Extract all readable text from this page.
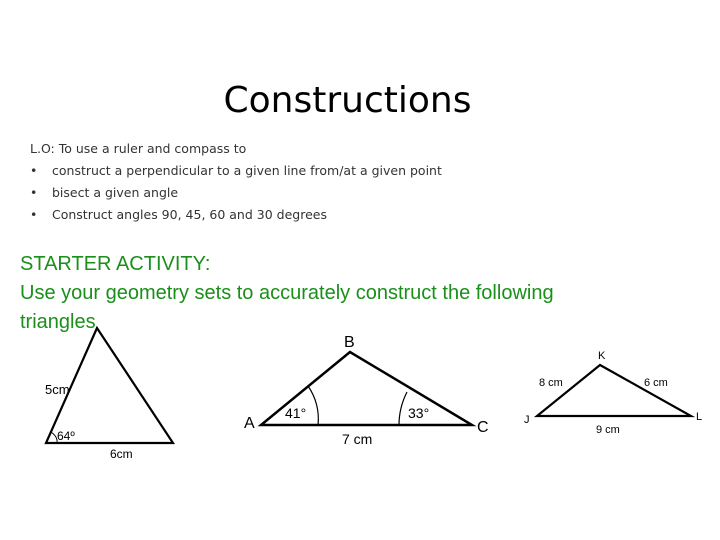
Constructions
L.O: To use a ruler and compass to
• construct a perpendicular to a given line from/at a given point
• bisect a given angle
• Construct angles 90, 45, 60 and 30 degrees
STARTER ACTIVITY:
Use your geometry sets to accurately construct the following
triangles
5cm
64º
6cm
B
A	C
41°	33°
7 cm
K
J	L
8 cm	6 cm
9 cm
